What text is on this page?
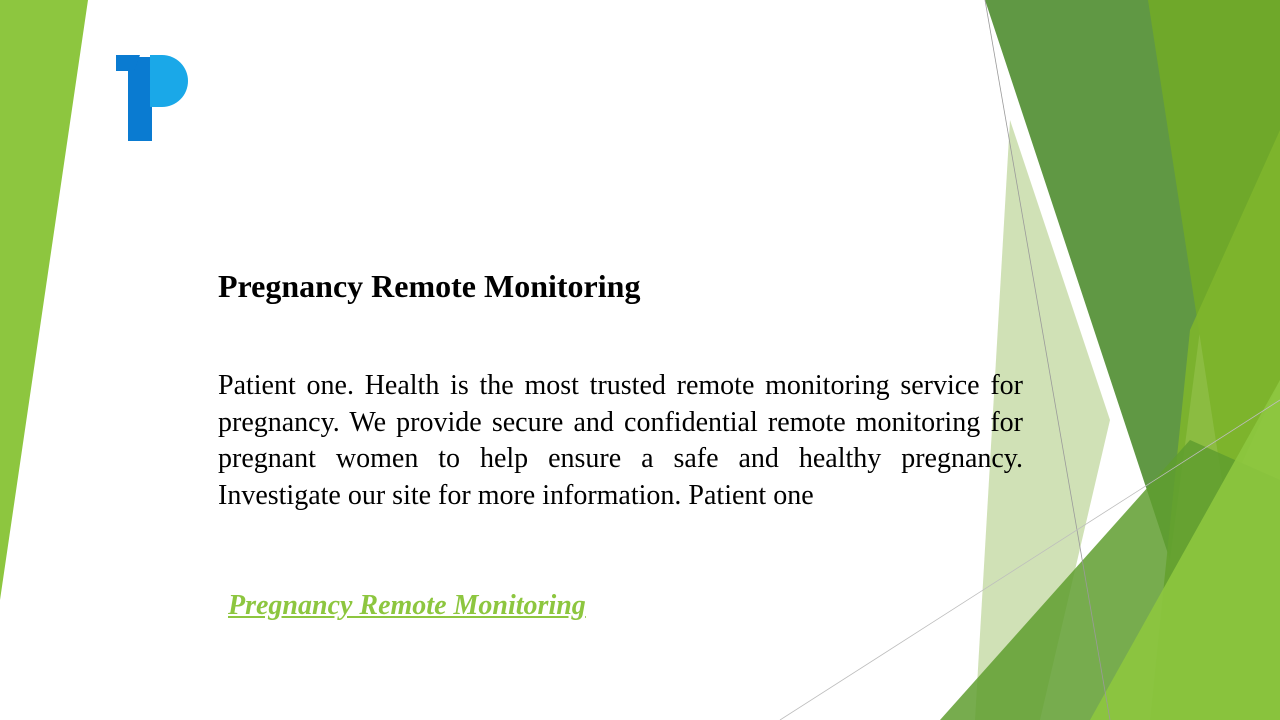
Pregnancy Remote Monitoring

Patient one. Health is the most trusted remote monitoring service for pregnancy. We provide secure and confidential remote monitoring for pregnant women to help ensure a safe and healthy pregnancy. Investigate our site for more information. Patient one

Pregnancy Remote Monitoring
